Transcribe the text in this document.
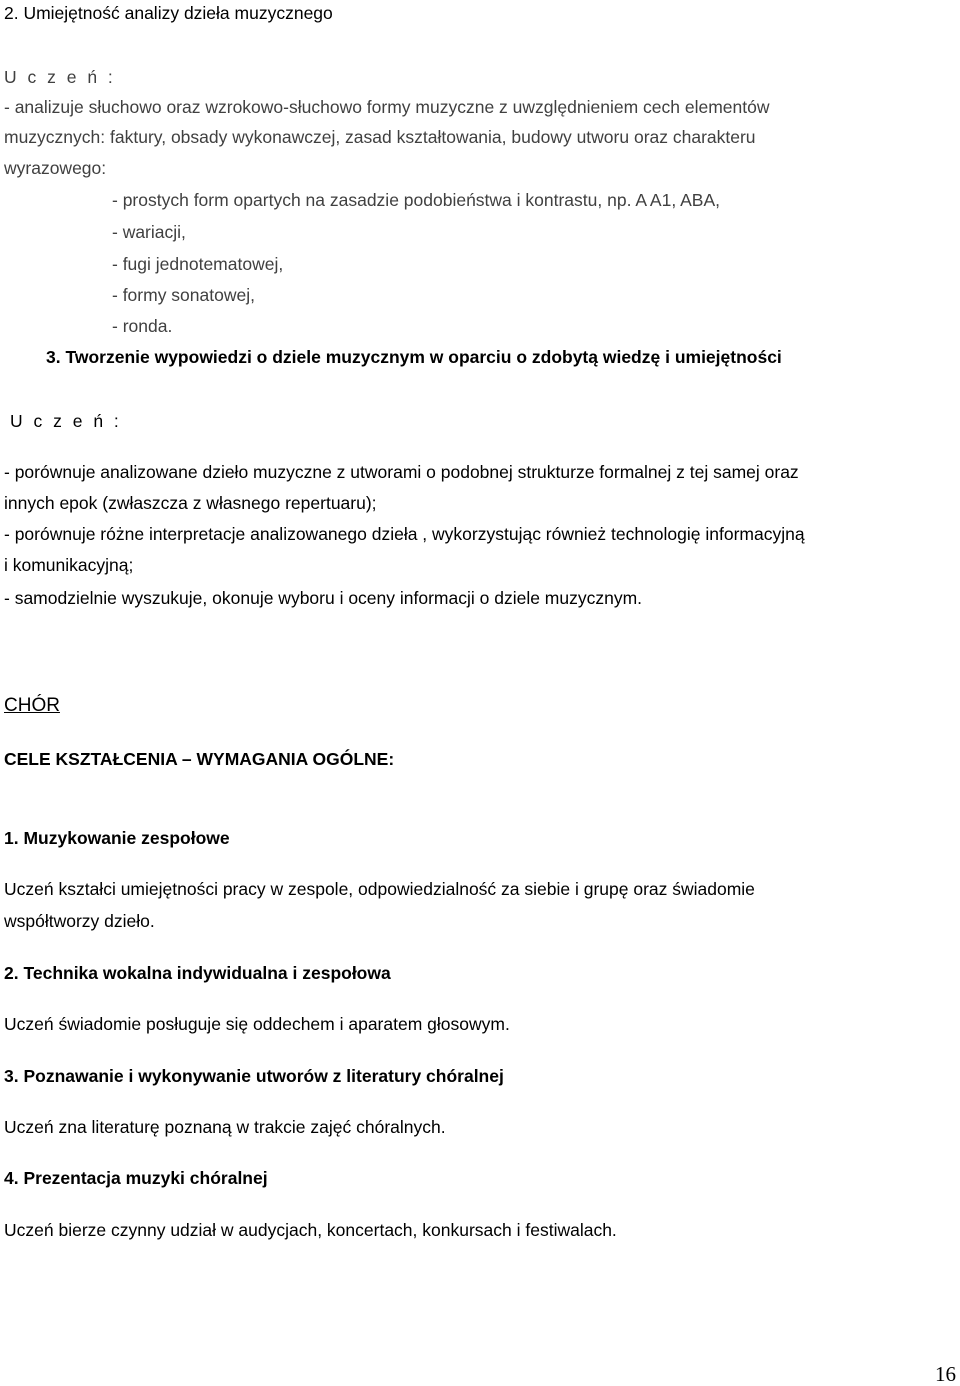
2. Umiejętność analizy dzieła muzycznego
U c z e ń :
- analizuje słuchowo oraz wzrokowo-słuchowo formy muzyczne z uwzględnieniem cech elementów
muzycznych: faktury, obsady wykonawczej, zasad kształtowania, budowy utworu oraz charakteru
wyrazowego:
- prostych form opartych na zasadzie podobieństwa i kontrastu, np. A A1, ABA,
- wariacji,
- fugi jednotematowej,
- formy sonatowej,
- ronda.
3. Tworzenie wypowiedzi o dziele muzycznym w oparciu o zdobytą wiedzę i umiejętności
U c z e ń :
- porównuje analizowane dzieło muzyczne z utworami o podobnej strukturze formalnej z tej samej oraz
innych epok (zwłaszcza z własnego repertuaru);
- porównuje różne interpretacje analizowanego dzieła , wykorzystując również technologię informacyjną
i komunikacyjną;
- samodzielnie wyszukuje, okonuje wyboru i oceny informacji o dziele muzycznym.
CHÓR
CELE KSZTAŁCENIA – WYMAGANIA OGÓLNE:
1. Muzykowanie zespołowe
Uczeń kształci umiejętności pracy w zespole, odpowiedzialność za siebie i grupę oraz świadomie
współtworzy dzieło.
2. Technika wokalna indywidualna i zespołowa
Uczeń świadomie posługuje się oddechem i aparatem głosowym.
3. Poznawanie i wykonywanie utworów z literatury chóralnej
Uczeń zna literaturę poznaną w trakcie zajęć chóralnych.
4. Prezentacja muzyki chóralnej
Uczeń bierze czynny udział w audycjach, koncertach, konkursach i festiwalach.
16
